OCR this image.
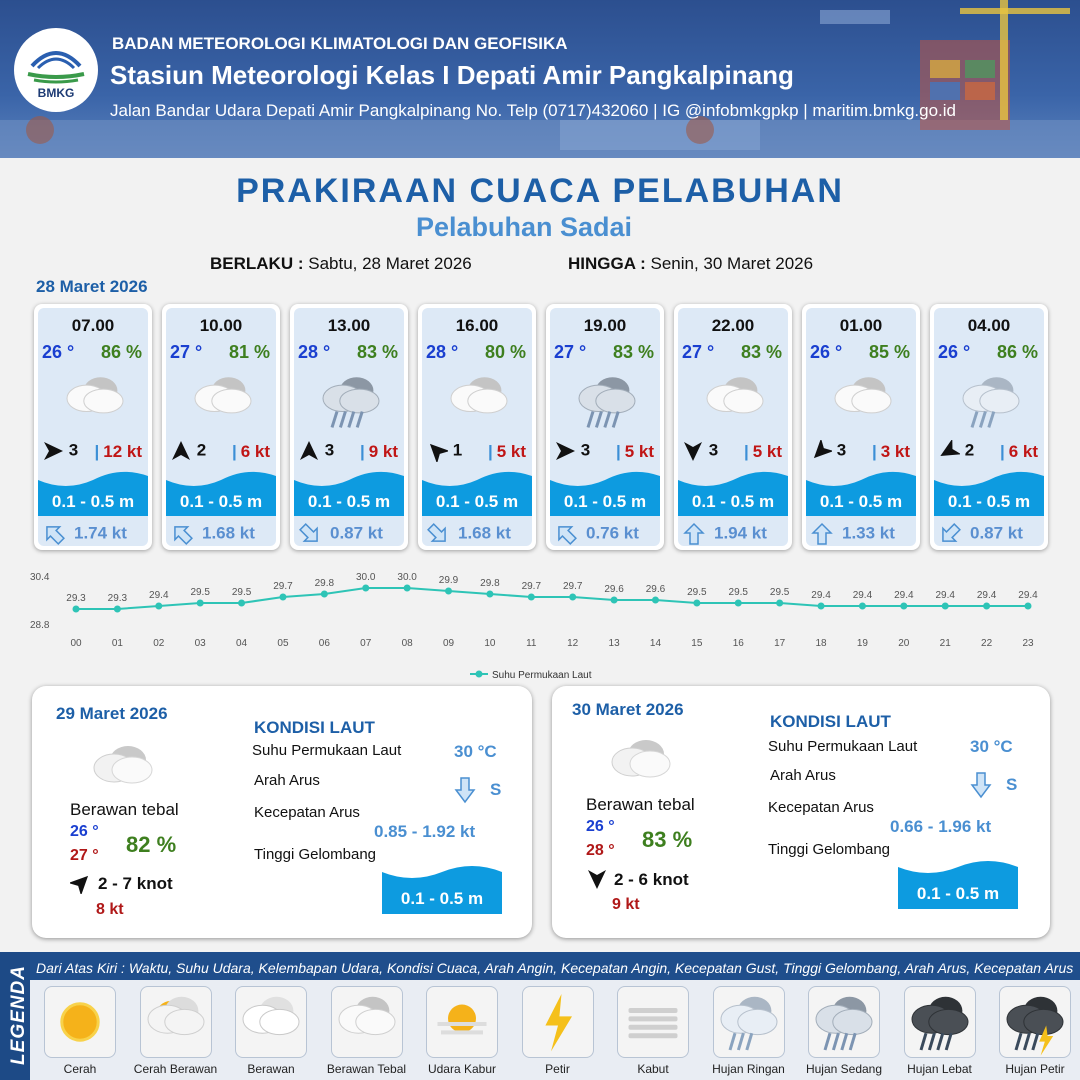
BMKG
BADAN METEOROLOGI KLIMATOLOGI DAN GEOFISIKA
Stasiun Meteorologi Kelas I Depati Amir Pangkalpinang
Jalan Bandar Udara Depati Amir Pangkalpinang No. Telp (0717)432060 | IG @infobmkgpkp | maritim.bmkg.go.id
PRAKIRAAN CUACA PELABUHAN
Pelabuhan Sadai
BERLAKU : Sabtu, 28 Maret 2026	HINGGA : Senin, 30 Maret 2026
28 Maret 2026
07.00
26 ° 86 %
3 | 12 kt
0.1 - 0.5 m
1.74 kt
10.00
27 ° 81 %
2 | 6 kt
0.1 - 0.5 m
1.68 kt
13.00
28 ° 83 %
3 | 9 kt
0.1 - 0.5 m
0.87 kt
16.00
28 ° 80 %
1 | 5 kt
0.1 - 0.5 m
1.68 kt
19.00
27 ° 83 %
3 | 5 kt
0.1 - 0.5 m
0.76 kt
22.00
27 ° 83 %
3 | 5 kt
0.1 - 0.5 m
1.94 kt
01.00
26 ° 85 %
3 | 3 kt
0.1 - 0.5 m
1.33 kt
04.00
26 ° 86 %
2 | 6 kt
0.1 - 0.5 m
0.87 kt
30.4
28.8
29.3
00
29.3
01
29.4
02
29.5
03
29.5
04
29.7
05
29.8
06
30.0
07
30.0
08
29.9
09
29.8
10
29.7
11
29.7
12
29.6
13
29.6
14
29.5
15
29.5
16
29.5
17
29.4
18
29.4
19
29.4
20
29.4
21
29.4
22
29.4
23
Suhu Permukaan Laut
29 Maret 2026
Berawan tebal
26 °
27 ° 82 %
2 - 7 knot
8 kt
KONDISI LAUT
Suhu Permukaan Laut	30 °C
Arah Arus	S
Kecepatan Arus
0.85 - 1.92 kt
Tinggi Gelombang
0.1 - 0.5 m
30 Maret 2026
Berawan tebal
26 °
28 ° 83 %
2 - 6 knot
9 kt
KONDISI LAUT
Suhu Permukaan Laut	30 °C
Arah Arus	S
Kecepatan Arus
0.66 - 1.96 kt
Tinggi Gelombang
0.1 - 0.5 m
LEGENDA Dari Atas Kiri : Waktu, Suhu Udara, Kelembapan Udara, Kondisi Cuaca, Arah Angin, Kecepatan Angin, Kecepatan Gust, Tinggi Gelombang, Arah Arus, Kecepatan Arus
Cerah	Cerah Berawan	Berawan	Berawan Tebal	Udara Kabur	Petir	Kabut	Hujan Ringan	Hujan Sedang	Hujan Lebat	Hujan Petir
